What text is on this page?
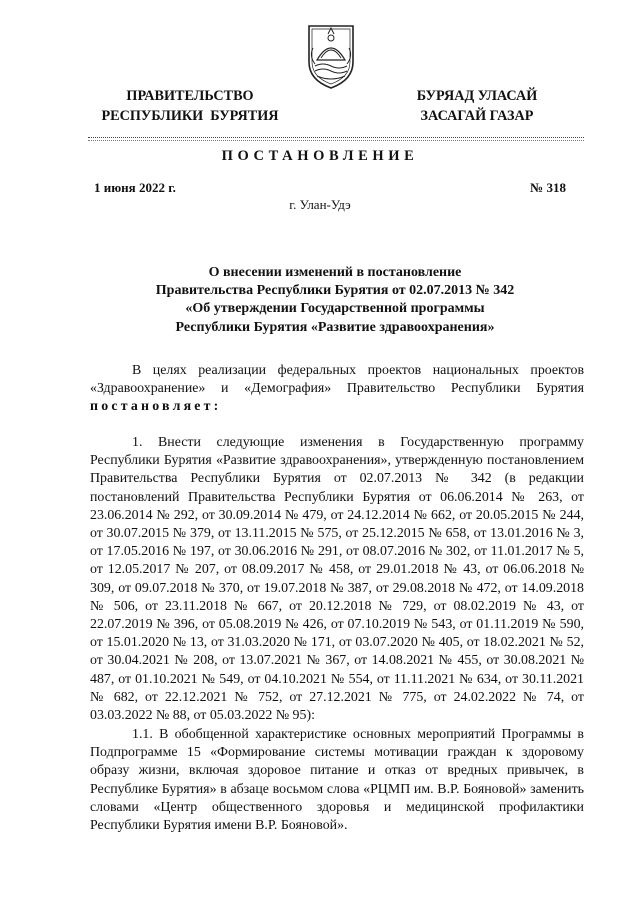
ПРАВИТЕЛЬСТВО
РЕСПУБЛИКИ  БУРЯТИЯ
БУРЯАД УЛАСАЙ
ЗАСАГАЙ ГАЗАР
ПОСТАНОВЛЕНИЕ
1 июня 2022 г.	№ 318
г. Улан-Удэ
О внесении изменений в постановление
Правительства Республики Бурятия от 02.07.2013 № 342
«Об утверждении Государственной программы
Республики Бурятия «Развитие здравоохранения»
В целях реализации федеральных проектов национальных проектов «Здравоохранение» и «Демография» Правительство Республики Бурятия постановляет:
1. Внести следующие изменения в Государственную программу Республики Бурятия «Развитие здравоохранения», утвержденную постановлением Правительства Республики Бурятия от 02.07.2013 № 342 (в редакции постановлений Правительства Республики Бурятия от 06.06.2014 № 263, от 23.06.2014 № 292, от 30.09.2014 № 479, от 24.12.2014 № 662, от 20.05.2015 № 244, от 30.07.2015 № 379, от 13.11.2015 № 575, от 25.12.2015 № 658, от 13.01.2016 № 3, от 17.05.2016 № 197, от 30.06.2016 № 291, от 08.07.2016 № 302, от 11.01.2017 № 5, от 12.05.2017 № 207, от 08.09.2017 № 458, от 29.01.2018 № 43, от 06.06.2018 № 309, от 09.07.2018 № 370, от 19.07.2018 № 387, от 29.08.2018 № 472, от 14.09.2018 № 506, от 23.11.2018 № 667, от 20.12.2018 № 729, от 08.02.2019 № 43, от 22.07.2019 № 396, от 05.08.2019 № 426, от 07.10.2019 № 543, от 01.11.2019 № 590, от 15.01.2020 № 13, от 31.03.2020 № 171, от 03.07.2020 № 405, от 18.02.2021 № 52, от 30.04.2021 № 208, от 13.07.2021 № 367, от 14.08.2021 № 455, от 30.08.2021 № 487, от 01.10.2021 № 549, от 04.10.2021 № 554, от 11.11.2021 № 634, от 30.11.2021 № 682, от 22.12.2021 № 752, от 27.12.2021 № 775, от 24.02.2022 № 74, от 03.03.2022 № 88, от 05.03.2022 № 95):
1.1. В обобщенной характеристике основных мероприятий Программы в Подпрограмме 15 «Формирование системы мотивации граждан к здоровому образу жизни, включая здоровое питание и отказ от вредных привычек, в Республике Бурятия» в абзаце восьмом слова «РЦМП им. В.Р. Бояновой» заменить словами «Центр общественного здоровья и медицинской профилактики Республики Бурятия имени В.Р. Бояновой».
